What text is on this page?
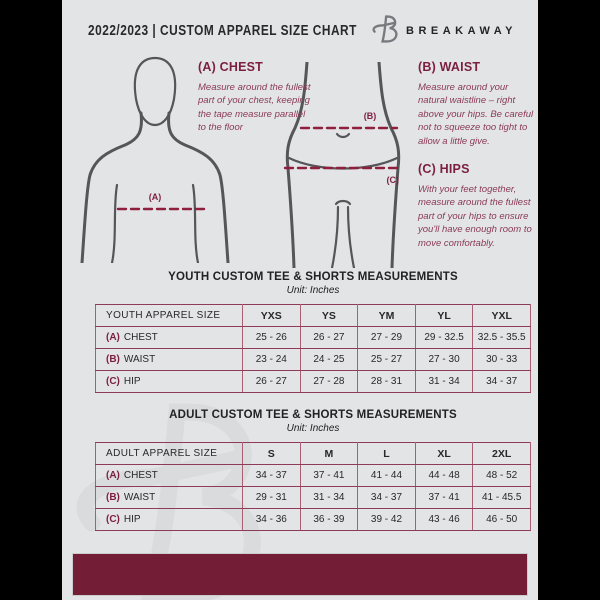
2022/2023 | CUSTOM APPAREL SIZE CHART	BREAKAWAY
(A)
(B)
(C)
(A) CHEST

Measure around the fullest part of your chest, keeping the tape measure parallel to the floor

(B) WAIST

Measure around your natural waistline – right above your hips. Be careful not to squeeze too tight to allow a little give.

(C) HIPS

With your feet together, measure around the fullest part of your hips to ensure you'll have enough room to move comfortably.

YOUTH CUSTOM TEE & SHORTS MEASUREMENTS
Unit: Inches
YOUTH APPAREL SIZE	YXS	YS	YM	YL	YXL
(A) CHEST	25 - 26	26 - 27	27 - 29	29 - 32.5	32.5 - 35.5
(B) WAIST	23 - 24	24 - 25	25 - 27	27 - 30	30 - 33
(C) HIP	26 - 27	27 - 28	28 - 31	31 - 34	34 - 37
ADULT CUSTOM TEE & SHORTS MEASUREMENTS
Unit: Inches
ADULT APPAREL SIZE	S	M	L	XL	2XL
(A) CHEST	34 - 37	37 - 41	41 - 44	44 - 48	48 - 52
(B) WAIST	29 - 31	31 - 34	34 - 37	37 - 41	41 - 45.5
(C) HIP	34 - 36	36 - 39	39 - 42	43 - 46	46 - 50
